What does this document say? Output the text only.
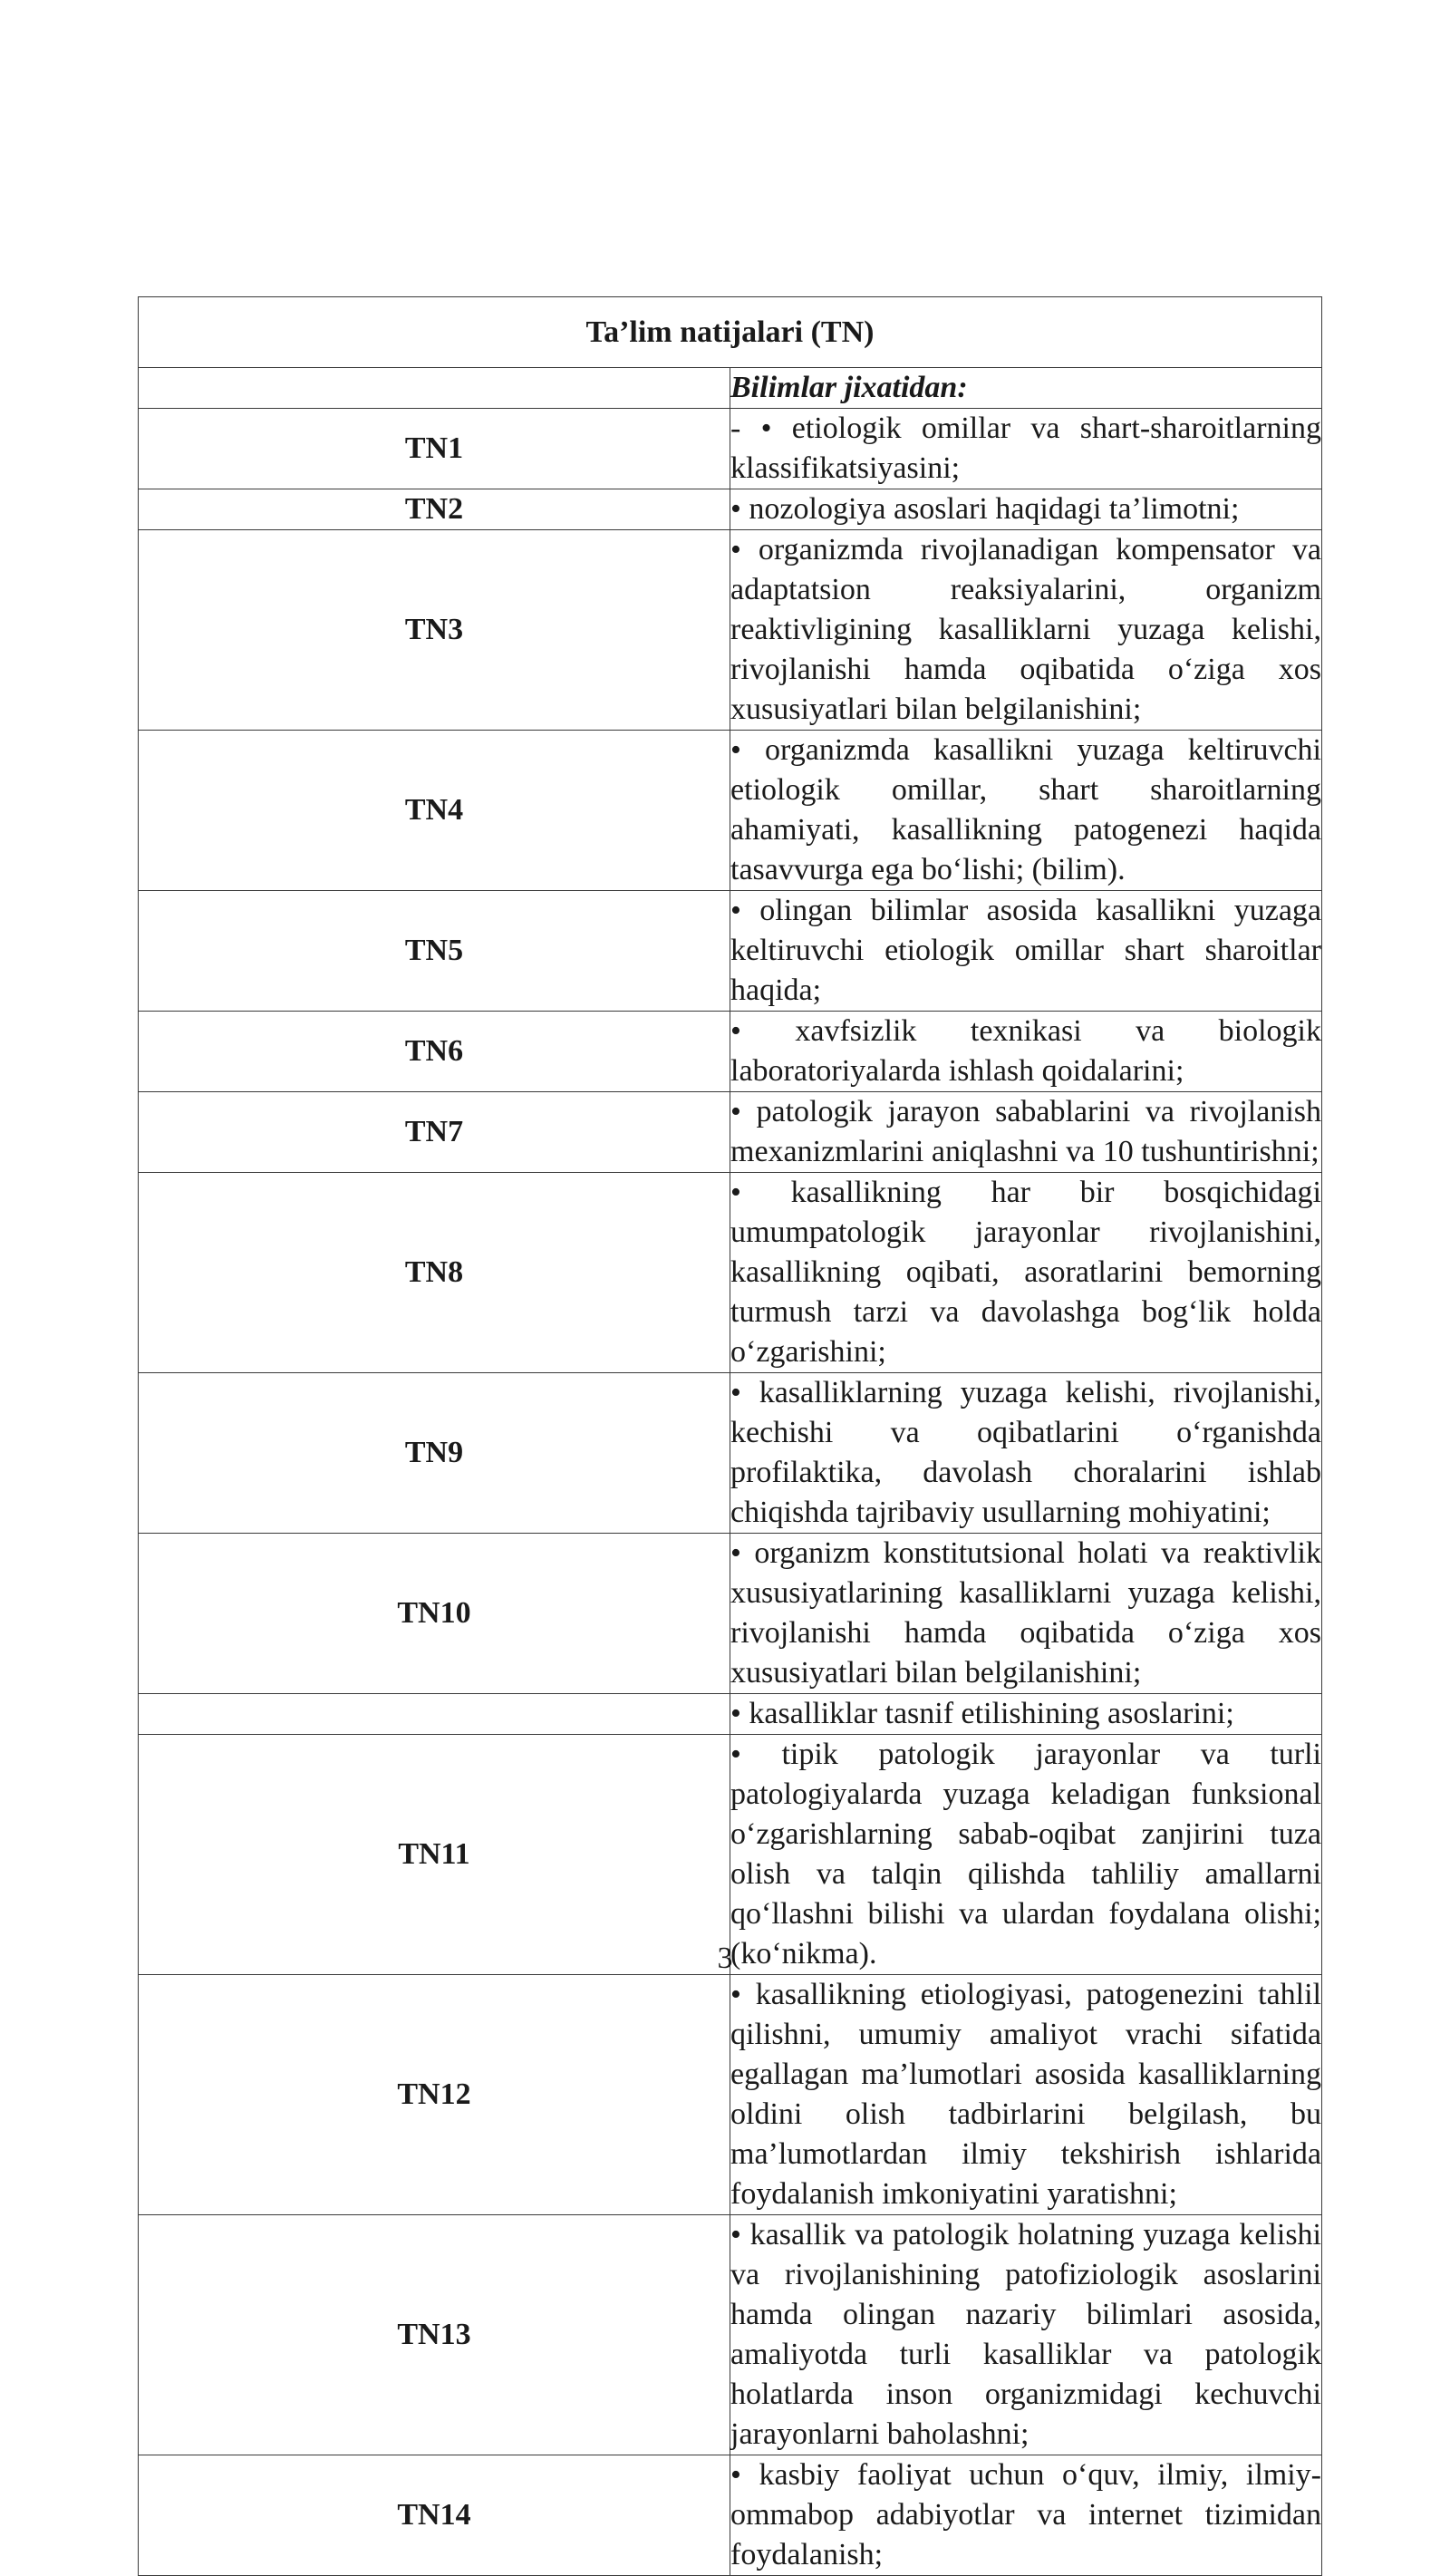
Ta’lim natijalari (TN)	
	Bilimlar jixatidan:
TN1	- • etiologik omillar va shart-sharoitlarning klassifikatsiyasini;
TN2	• nozologiya asoslari haqidagi ta’limotni;
TN3	• organizmda rivojlanadigan kompensator va adaptatsion reaksiyalarini, organizm reaktivligining kasalliklarni yuzaga kelishi, rivojlanishi hamda oqibatida o‘ziga xos xususiyatlari bilan belgilanishini;
TN4	• organizmda kasallikni yuzaga keltiruvchi etiologik omillar, shart sharoitlarning ahamiyati, kasallikning patogenezi haqida tasavvurga ega bo‘lishi; (bilim).
TN5	• olingan bilimlar asosida kasallikni yuzaga keltiruvchi etiologik omillar shart sharoitlar haqida;
TN6	• xavfsizlik texnikasi va biologik laboratoriyalarda ishlash qoidalarini;
TN7	• patologik jarayon sabablarini va rivojlanish mexanizmlarini aniqlashni va 10 tushuntirishni;
TN8	• kasallikning har bir bosqichidagi umumpatologik jarayonlar rivojlanishini, kasallikning oqibati, asoratlarini bemorning turmush tarzi va davolashga bog‘lik holda o‘zgarishini;
TN9	• kasalliklarning yuzaga kelishi, rivojlanishi, kechishi va oqibatlarini o‘rganishda profilaktika, davolash choralarini ishlab chiqishda tajribaviy usullarning mohiyatini;
TN10	• organizm konstitutsional holati va reaktivlik xususiyatlarining kasalliklarni yuzaga kelishi, rivojlanishi hamda oqibatida o‘ziga xos xususiyatlari bilan belgilanishini;
	• kasalliklar tasnif etilishining asoslarini;
TN11	• tipik patologik jarayonlar va turli patologiyalarda yuzaga keladigan funksional o‘zgarishlarning sabab-oqibat zanjirini tuza olish va talqin qilishda tahliliy amallarni qo‘llashni bilishi va ulardan foydalana olishi; (ko‘nikma).
TN12	• kasallikning etiologiyasi, patogenezini tahlil qilishni, umumiy amaliyot vrachi sifatida egallagan ma’lumotlari asosida kasalliklarning oldini olish tadbirlarini belgilash, bu ma’lumotlardan ilmiy tekshirish ishlarida foydalanish imkoniyatini yaratishni;
TN13	• kasallik va patologik holatning yuzaga kelishi va rivojlanishining patofiziologik asoslarini hamda olingan nazariy bilimlari asosida, amaliyotda turli kasalliklar va patologik holatlarda inson organizmidagi kechuvchi jarayonlarni baholashni;
TN14	• kasbiy faoliyat uchun o‘quv, ilmiy, ilmiy-ommabop adabiyotlar va internet tizimidan foydalanish;
3
